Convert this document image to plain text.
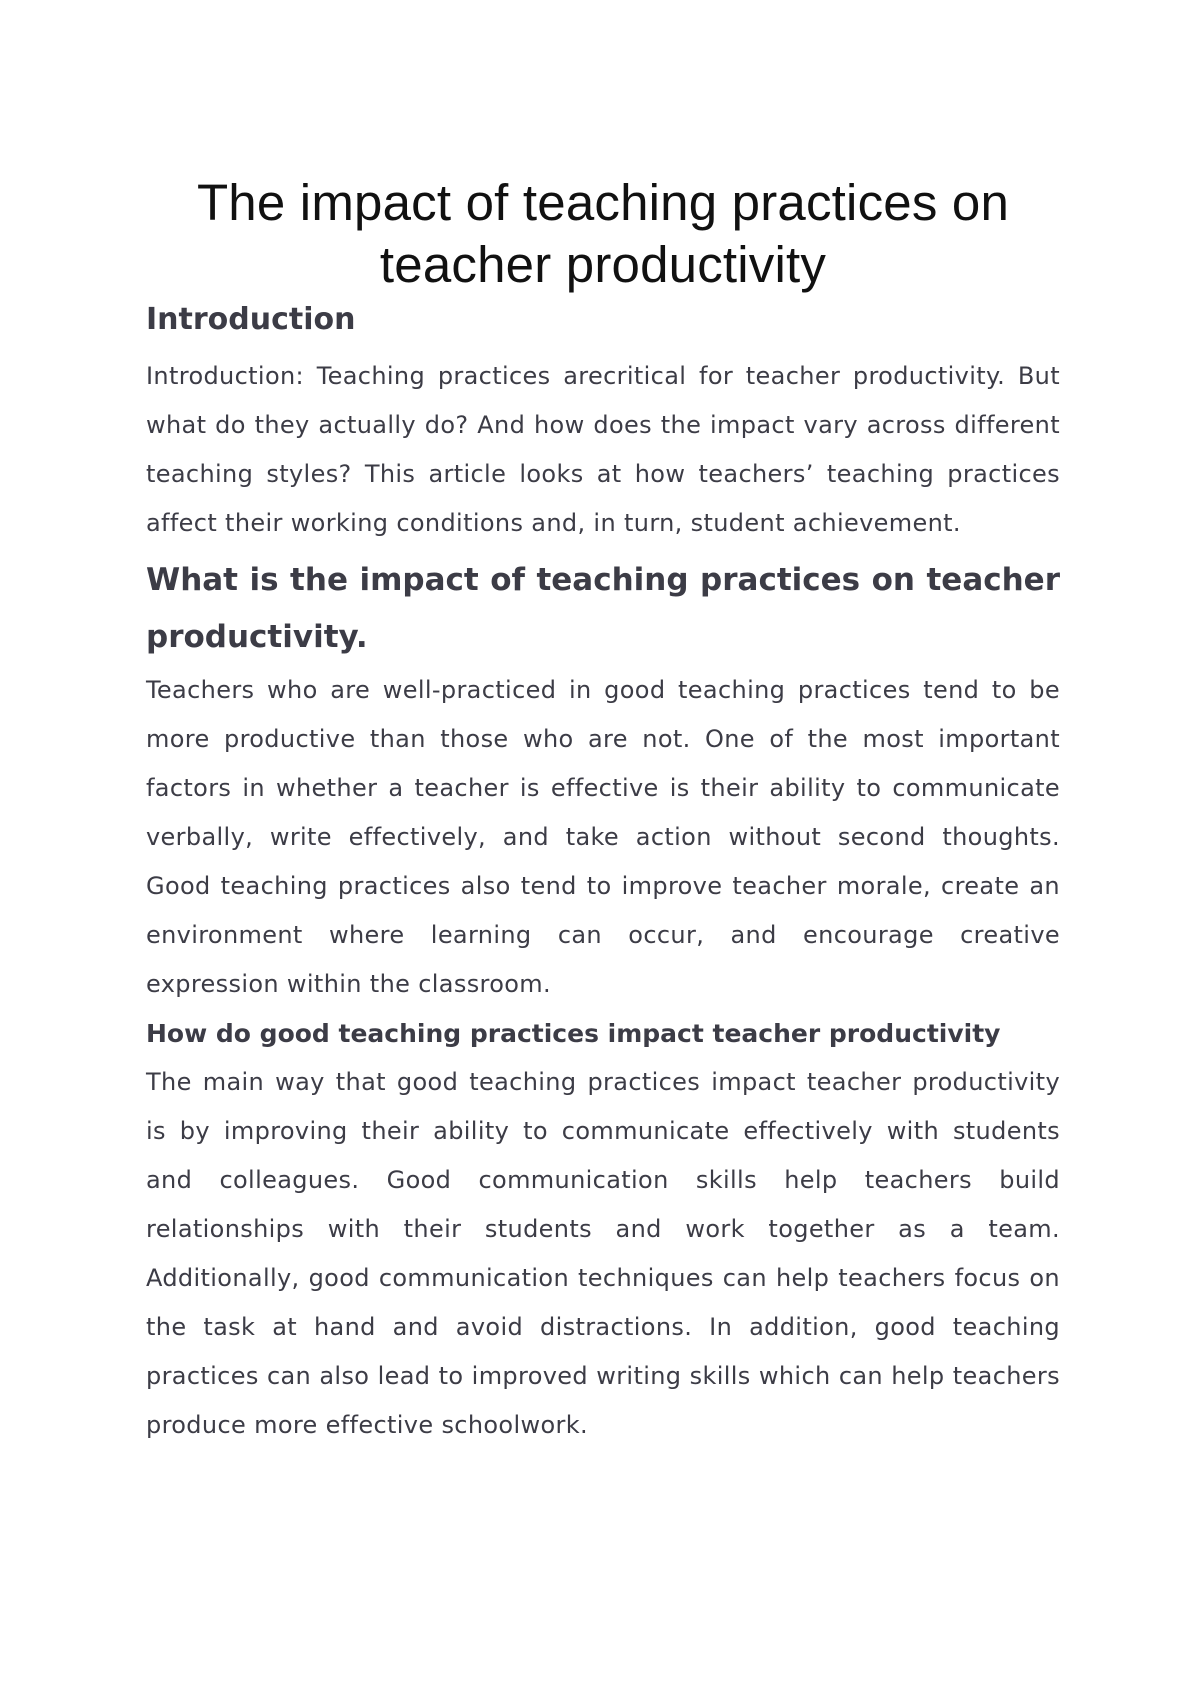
The impact of teaching practices on teacher productivity
Introduction

Introduction: Teaching practices arecritical for teacher productivity. But what do they actually do? And how does the impact vary across different teaching styles? This article looks at how teachers’ teaching practices affect their working conditions and, in turn, student achievement.

What is the impact of teaching practices on teacher productivity.

Teachers who are well-practiced in good teaching practices tend to be more productive than those who are not. One of the most important factors in whether a teacher is effective is their ability to communicate verbally, write effectively, and take action without second thoughts. Good teaching practices also tend to improve teacher morale, create an environment where learning can occur, and encourage creative expression within the classroom.

How do good teaching practices impact teacher productivity

The main way that good teaching practices impact teacher productivity is by improving their ability to communicate effectively with students and colleagues. Good communication skills help teachers build relationships with their students and work together as a team. Additionally, good communication techniques can help teachers focus on the task at hand and avoid distractions. In addition, good teaching practices can also lead to improved writing skills which can help teachers produce more effective schoolwork.
